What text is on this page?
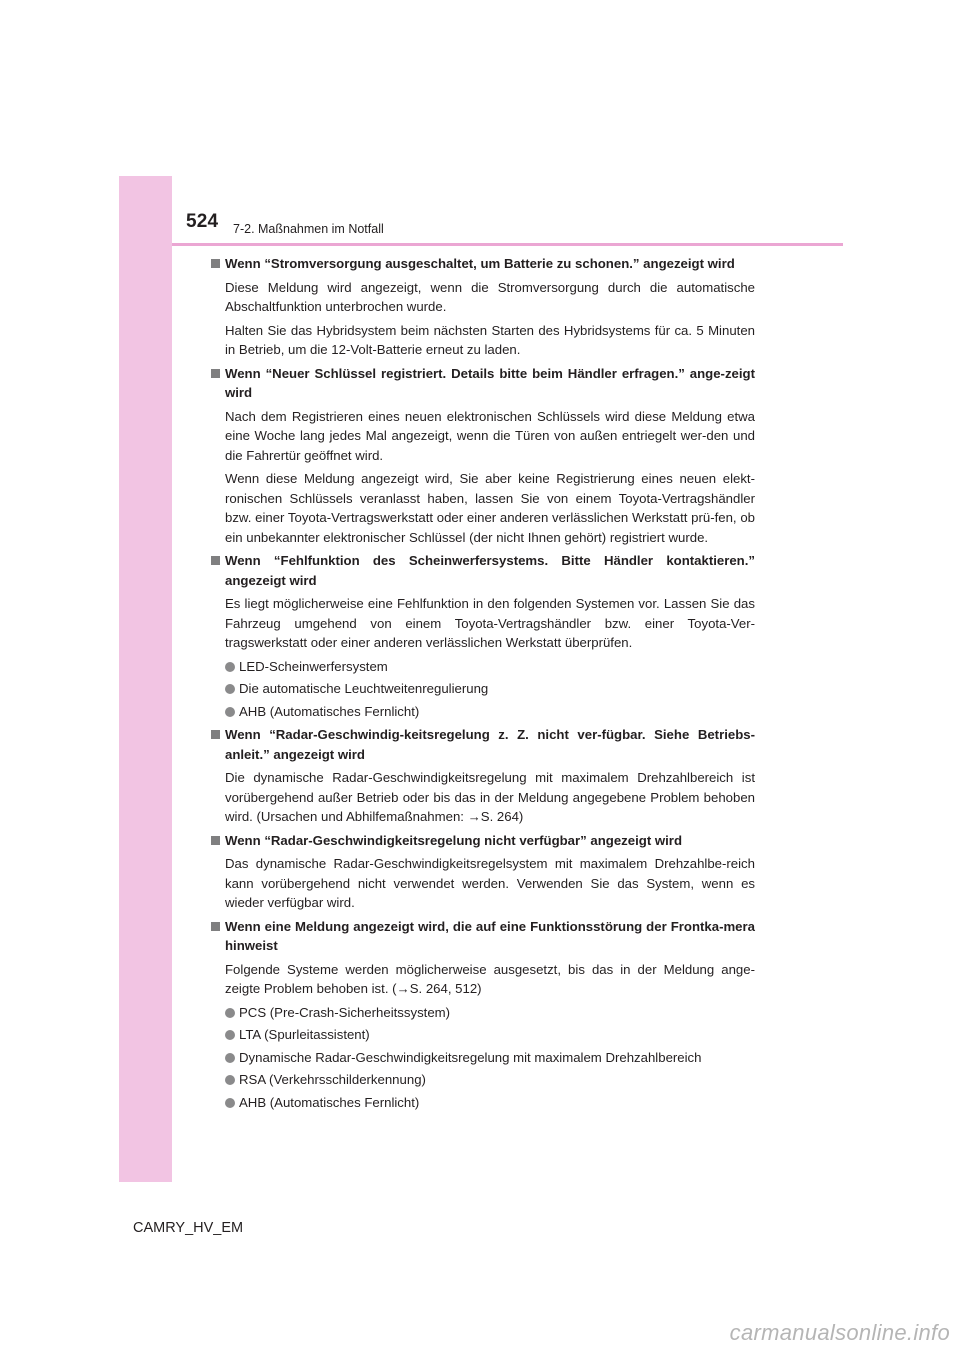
524 7-2. Maßnahmen im Notfall
Wenn “Stromversorgung ausgeschaltet, um Batterie zu schonen.” angezeigt wird

Diese Meldung wird angezeigt, wenn die Stromversorgung durch die automatische Abschaltfunktion unterbrochen wurde.

Halten Sie das Hybridsystem beim nächsten Starten des Hybridsystems für ca. 5 Minuten in Betrieb, um die 12-Volt-Batterie erneut zu laden.

Wenn “Neuer Schlüssel registriert. Details bitte beim Händler erfragen.” ange-zeigt wird

Nach dem Registrieren eines neuen elektronischen Schlüssels wird diese Meldung etwa eine Woche lang jedes Mal angezeigt, wenn die Türen von außen entriegelt wer-den und die Fahrertür geöffnet wird.

Wenn diese Meldung angezeigt wird, Sie aber keine Registrierung eines neuen elekt-ronischen Schlüssels veranlasst haben, lassen Sie von einem Toyota-Vertragshändler bzw. einer Toyota-Vertragswerkstatt oder einer anderen verlässlichen Werkstatt prü-fen, ob ein unbekannter elektronischer Schlüssel (der nicht Ihnen gehört) registriert wurde.

Wenn “Fehlfunktion des Scheinwerfersystems. Bitte Händler kontaktieren.” angezeigt wird

Es liegt möglicherweise eine Fehlfunktion in den folgenden Systemen vor. Lassen Sie das Fahrzeug umgehend von einem Toyota-Vertragshändler bzw. einer Toyota-Ver-tragswerkstatt oder einer anderen verlässlichen Werkstatt überprüfen.

LED-Scheinwerfersystem
Die automatische Leuchtweitenregulierung
AHB (Automatisches Fernlicht)
Wenn “Radar-Geschwindig-keitsregelung z. Z. nicht ver-fügbar. Siehe Betriebs-anleit.” angezeigt wird

Die dynamische Radar-Geschwindigkeitsregelung mit maximalem Drehzahlbereich ist vorübergehend außer Betrieb oder bis das in der Meldung angegebene Problem behoben wird. (Ursachen und Abhilfemaßnahmen: →S. 264)

Wenn “Radar-Geschwindigkeitsregelung nicht verfügbar” angezeigt wird

Das dynamische Radar-Geschwindigkeitsregelsystem mit maximalem Drehzahlbe-reich kann vorübergehend nicht verwendet werden. Verwenden Sie das System, wenn es wieder verfügbar wird.

Wenn eine Meldung angezeigt wird, die auf eine Funktionsstörung der Frontka-mera hinweist

Folgende Systeme werden möglicherweise ausgesetzt, bis das in der Meldung ange-zeigte Problem behoben ist. (→S. 264, 512)

PCS (Pre-Crash-Sicherheitssystem)
LTA (Spurleitassistent)
Dynamische Radar-Geschwindigkeitsregelung mit maximalem Drehzahlbereich
RSA (Verkehrsschilderkennung)
AHB (Automatisches Fernlicht)
CAMRY_HV_EM
carmanualsonline.info
